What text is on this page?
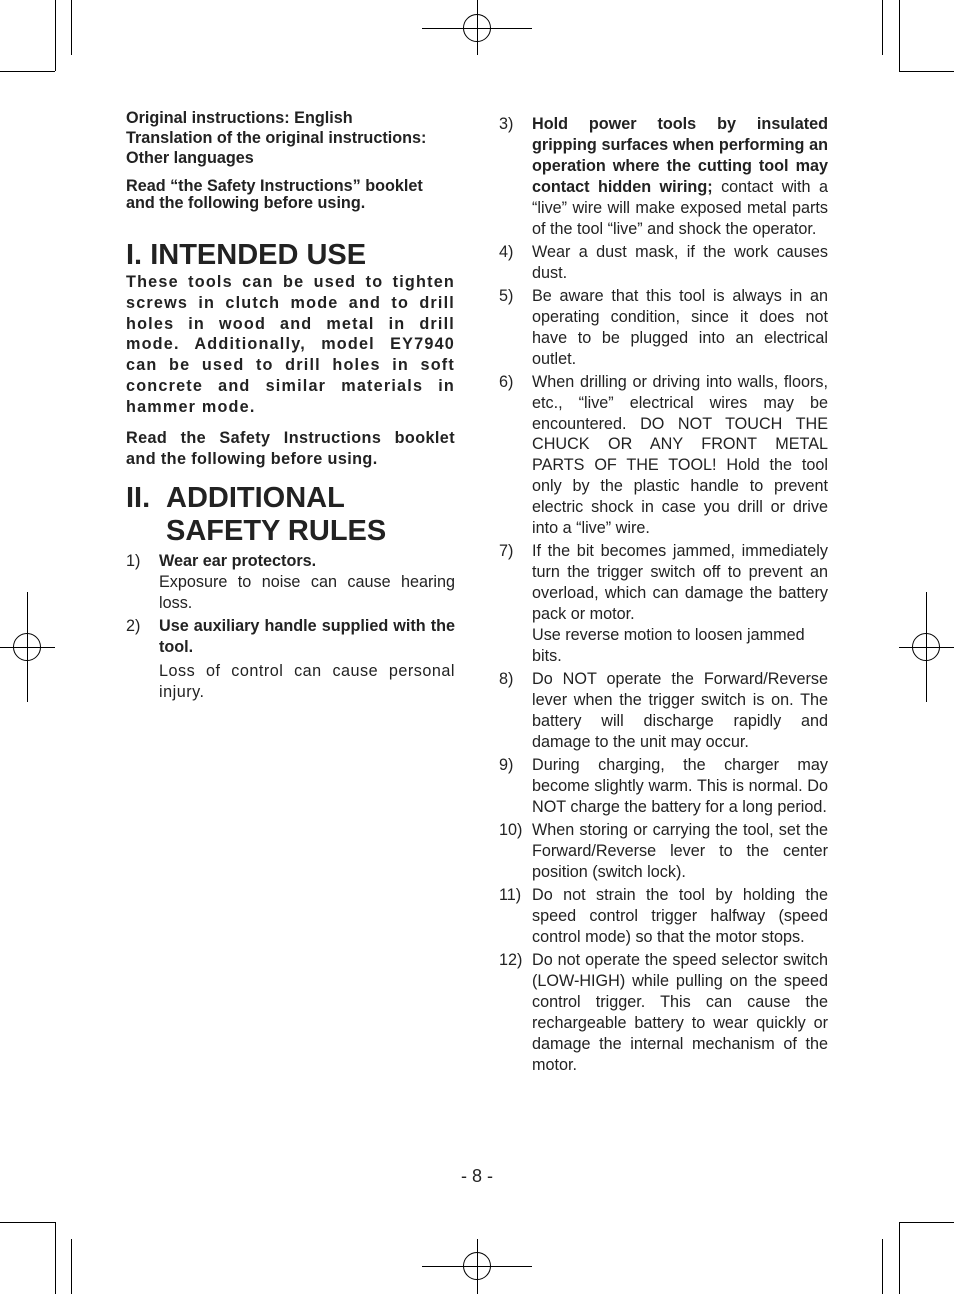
Original instructions: English

Translation of the original instructions:

Other languages

Read “the Safety Instructions” booklet and the following before using.

I. INTENDED USE

These tools can be used to tighten screws in clutch mode and to drill holes in wood and metal in drill mode. Additionally, model EY7940 can be used to drill holes in soft concrete and similar materials in hammer mode.

Read the Safety Instructions booklet and the following before using.

II. ADDITIONAL
SAFETY RULES
1)	Wear ear protectors.

Exposure to noise can cause hearing loss.

2)	Use auxiliary handle supplied with the tool.

Loss of control can cause personal injury.

3)	Hold power tools by insulated gripping surfaces when performing an operation where the cutting tool may contact hidden wiring; contact with a “live” wire will make exposed metal parts of the tool “live” and shock the operator.

4)	Wear a dust mask, if the work causes dust.

5)	Be aware that this tool is always in an operating condition, since it does not have to be plugged into an electrical outlet.

6)	When drilling or driving into walls, floors, etc., “live” electrical wires may be encountered. DO NOT TOUCH THE CHUCK OR ANY FRONT METAL PARTS OF THE TOOL! Hold the tool only by the plastic handle to prevent electric shock in case you drill or drive into a “live” wire.

7)	If the bit becomes jammed, immediately turn the trigger switch off to prevent an overload, which can damage the battery pack or motor.

Use reverse motion to loosen jammed bits.

8)	Do NOT operate the Forward/Reverse lever when the trigger switch is on. The battery will discharge rapidly and damage to the unit may occur.

9)	During charging, the charger may become slightly warm. This is normal. Do NOT charge the battery for a long period.

10) When storing or carrying the tool, set the Forward/Reverse lever to the center position (switch lock).

11) Do not strain the tool by holding the speed control trigger halfway (speed control mode) so that the motor stops.

12) Do not operate the speed selector switch (LOW-HIGH) while pulling on the speed control trigger. This can cause the rechargeable battery to wear quickly or damage the internal mechanism of the motor.

- 8 -
